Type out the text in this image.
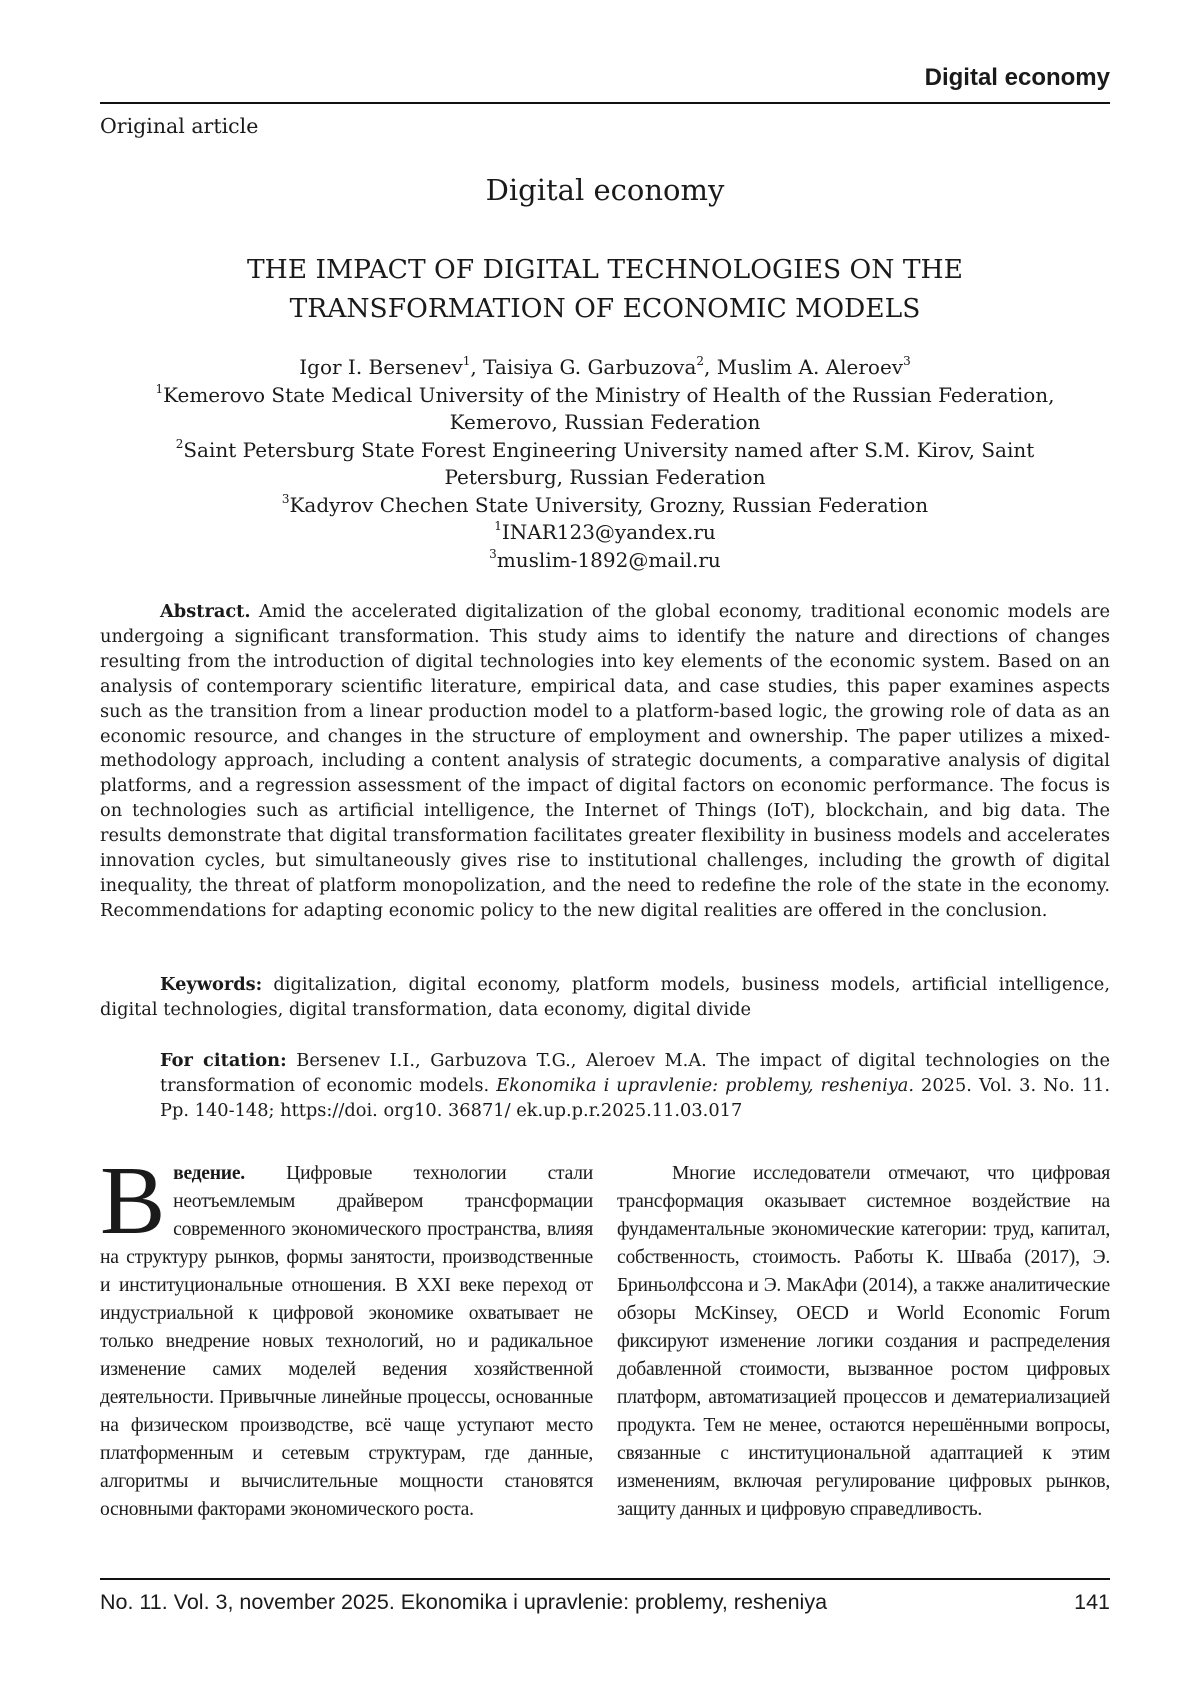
Digital economy
Original article
Digital economy
THE IMPACT OF DIGITAL TECHNOLOGIES ON THE
TRANSFORMATION OF ECONOMIC MODELS
Igor I. Bersenev$^1$, Taisiya G. Garbuzova$^2$, Muslim A. Aleroev$^3$
$^1$Kemerovo State Medical University of the Ministry of Health of the Russian Federation,
Kemerovo, Russian Federation
$^2$Saint Petersburg State Forest Engineering University named after S.M. Kirov, Saint
Petersburg, Russian Federation
$^3$Kadyrov Chechen State University, Grozny, Russian Federation
$^1$INAR123@yandex.ru
$^3$muslim-1892@mail.ru
Abstract. Amid the accelerated digitalization of the global economy, traditional economic models are undergoing a significant transformation. This study aims to identify the nature and directions of changes resulting from the introduction of digital technologies into key elements of the economic system. Based on an analysis of contemporary scientific literature, empirical data, and case studies, this paper examines aspects such as the transition from a linear production model to a platform-based logic, the growing role of data as an economic resource, and changes in the structure of employment and ownership. The paper utilizes a mixed-methodology approach, including a content analysis of strategic documents, a comparative analysis of digital platforms, and a regression assessment of the impact of digital factors on economic performance. The focus is on technologies such as artificial intelligence, the Internet of Things (IoT), blockchain, and big data. The results demonstrate that digital transformation facilitates greater flexibility in business models and accelerates innovation cycles, but simultaneously gives rise to institutional challenges, including the growth of digital inequality, the threat of platform monopolization, and the need to redefine the role of the state in the economy. Recommendations for adapting economic policy to the new digital realities are offered in the conclusion.
Keywords: digitalization, digital economy, platform models, business models, artificial intelligence, digital technologies, digital transformation, data economy, digital divide
For citation: Bersenev I.I., Garbuzova T.G., Aleroev M.A. The impact of digital technologies on the transformation of economic models. Ekonomika i upravlenie: problemy, resheniya. 2025. Vol. 3. No. 11. Pp. 140-148; https://doi. org10. 36871/ ek.up.p.r.2025.11.03.017
Введение. Цифровые технологии стали неотъемлемым драйвером трансформации современного экономического пространства, влияя на структуру рынков, формы занятости, производственные и институциональные отношения. В XXI веке переход от индустриальной к цифровой экономике охватывает не только внедрение новых технологий, но и радикальное изменение самих моделей ведения хозяйственной деятельности. Привычные линейные процессы, основанные на физическом производстве, всё чаще уступают место платформенным и сетевым структурам, где данные, алгоритмы и вычислительные мощности становятся основными факторами экономического роста.
Многие исследователи отмечают, что цифровая трансформация оказывает системное воздействие на фундаментальные экономические категории: труд, капитал, собственность, стоимость. Работы К. Шваба (2017), Э. Бриньолфссона и Э. МакАфи (2014), а также аналитические обзоры McKinsey, OECD и World Economic Forum фиксируют изменение логики создания и распределения добавленной стоимости, вызванное ростом цифровых платформ, автоматизацией процессов и дематериализацией продукта. Тем не менее, остаются нерешёнными вопросы, связанные с институциональной адаптацией к этим изменениям, включая регулирование цифровых рынков, защиту данных и цифровую справедливость.
No. 11. Vol. 3, november 2025. Ekonomika i upravlenie: problemy, resheniya	141
